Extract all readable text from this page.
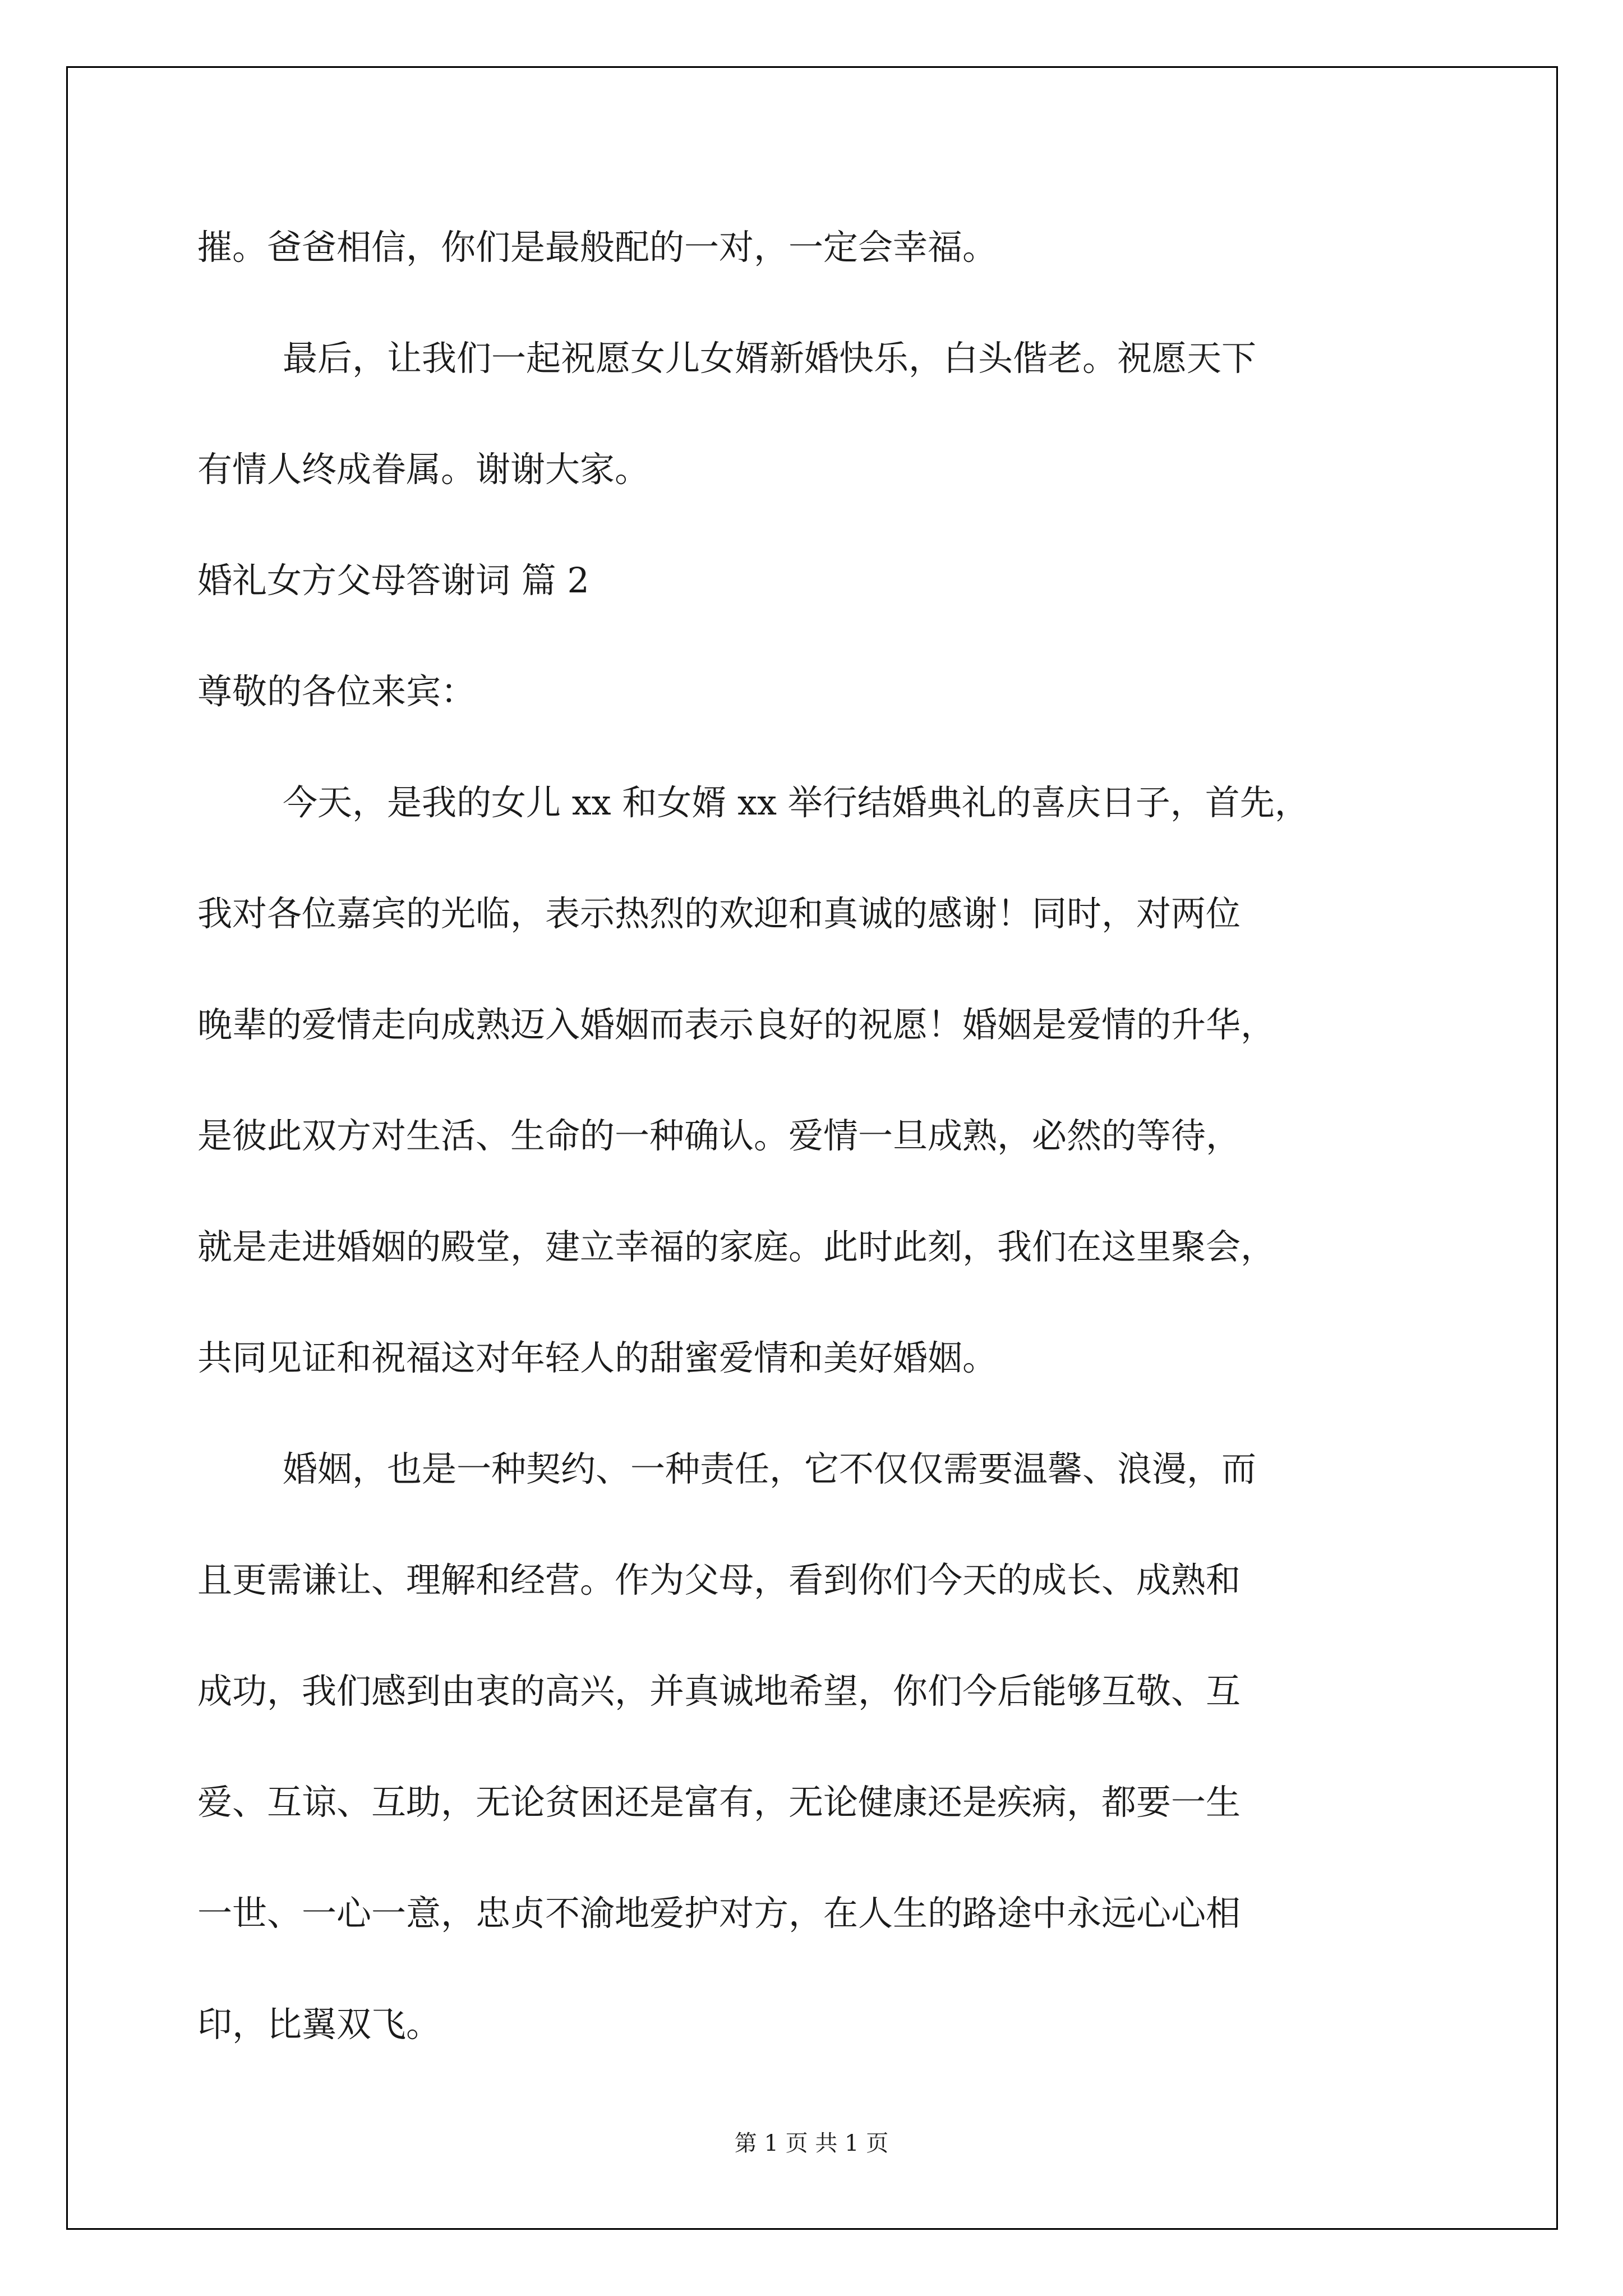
摧。爸爸相信，你们是最般配的一对，一定会幸福。

最后，让我们一起祝愿女儿女婿新婚快乐，白头偕老。祝愿天下

有情人终成眷属。谢谢大家。

婚礼女方父母答谢词 篇 2

尊敬的各位来宾：

今天，是我的女儿 xx 和女婿 xx 举行结婚典礼的喜庆日子，首先，

我对各位嘉宾的光临，表示热烈的欢迎和真诚的感谢！同时，对两位

晚辈的爱情走向成熟迈入婚姻而表示良好的祝愿！婚姻是爱情的升华，

是彼此双方对生活、生命的一种确认。爱情一旦成熟，必然的等待，

就是走进婚姻的殿堂，建立幸福的家庭。此时此刻，我们在这里聚会，

共同见证和祝福这对年轻人的甜蜜爱情和美好婚姻。

婚姻，也是一种契约、一种责任，它不仅仅需要温馨、浪漫，而

且更需谦让、理解和经营。作为父母，看到你们今天的成长、成熟和

成功，我们感到由衷的高兴，并真诚地希望，你们今后能够互敬、互

爱、互谅、互助，无论贫困还是富有，无论健康还是疾病，都要一生

一世、一心一意，忠贞不渝地爱护对方，在人生的路途中永远心心相

印，比翼双飞。

第 1 页 共 1 页
